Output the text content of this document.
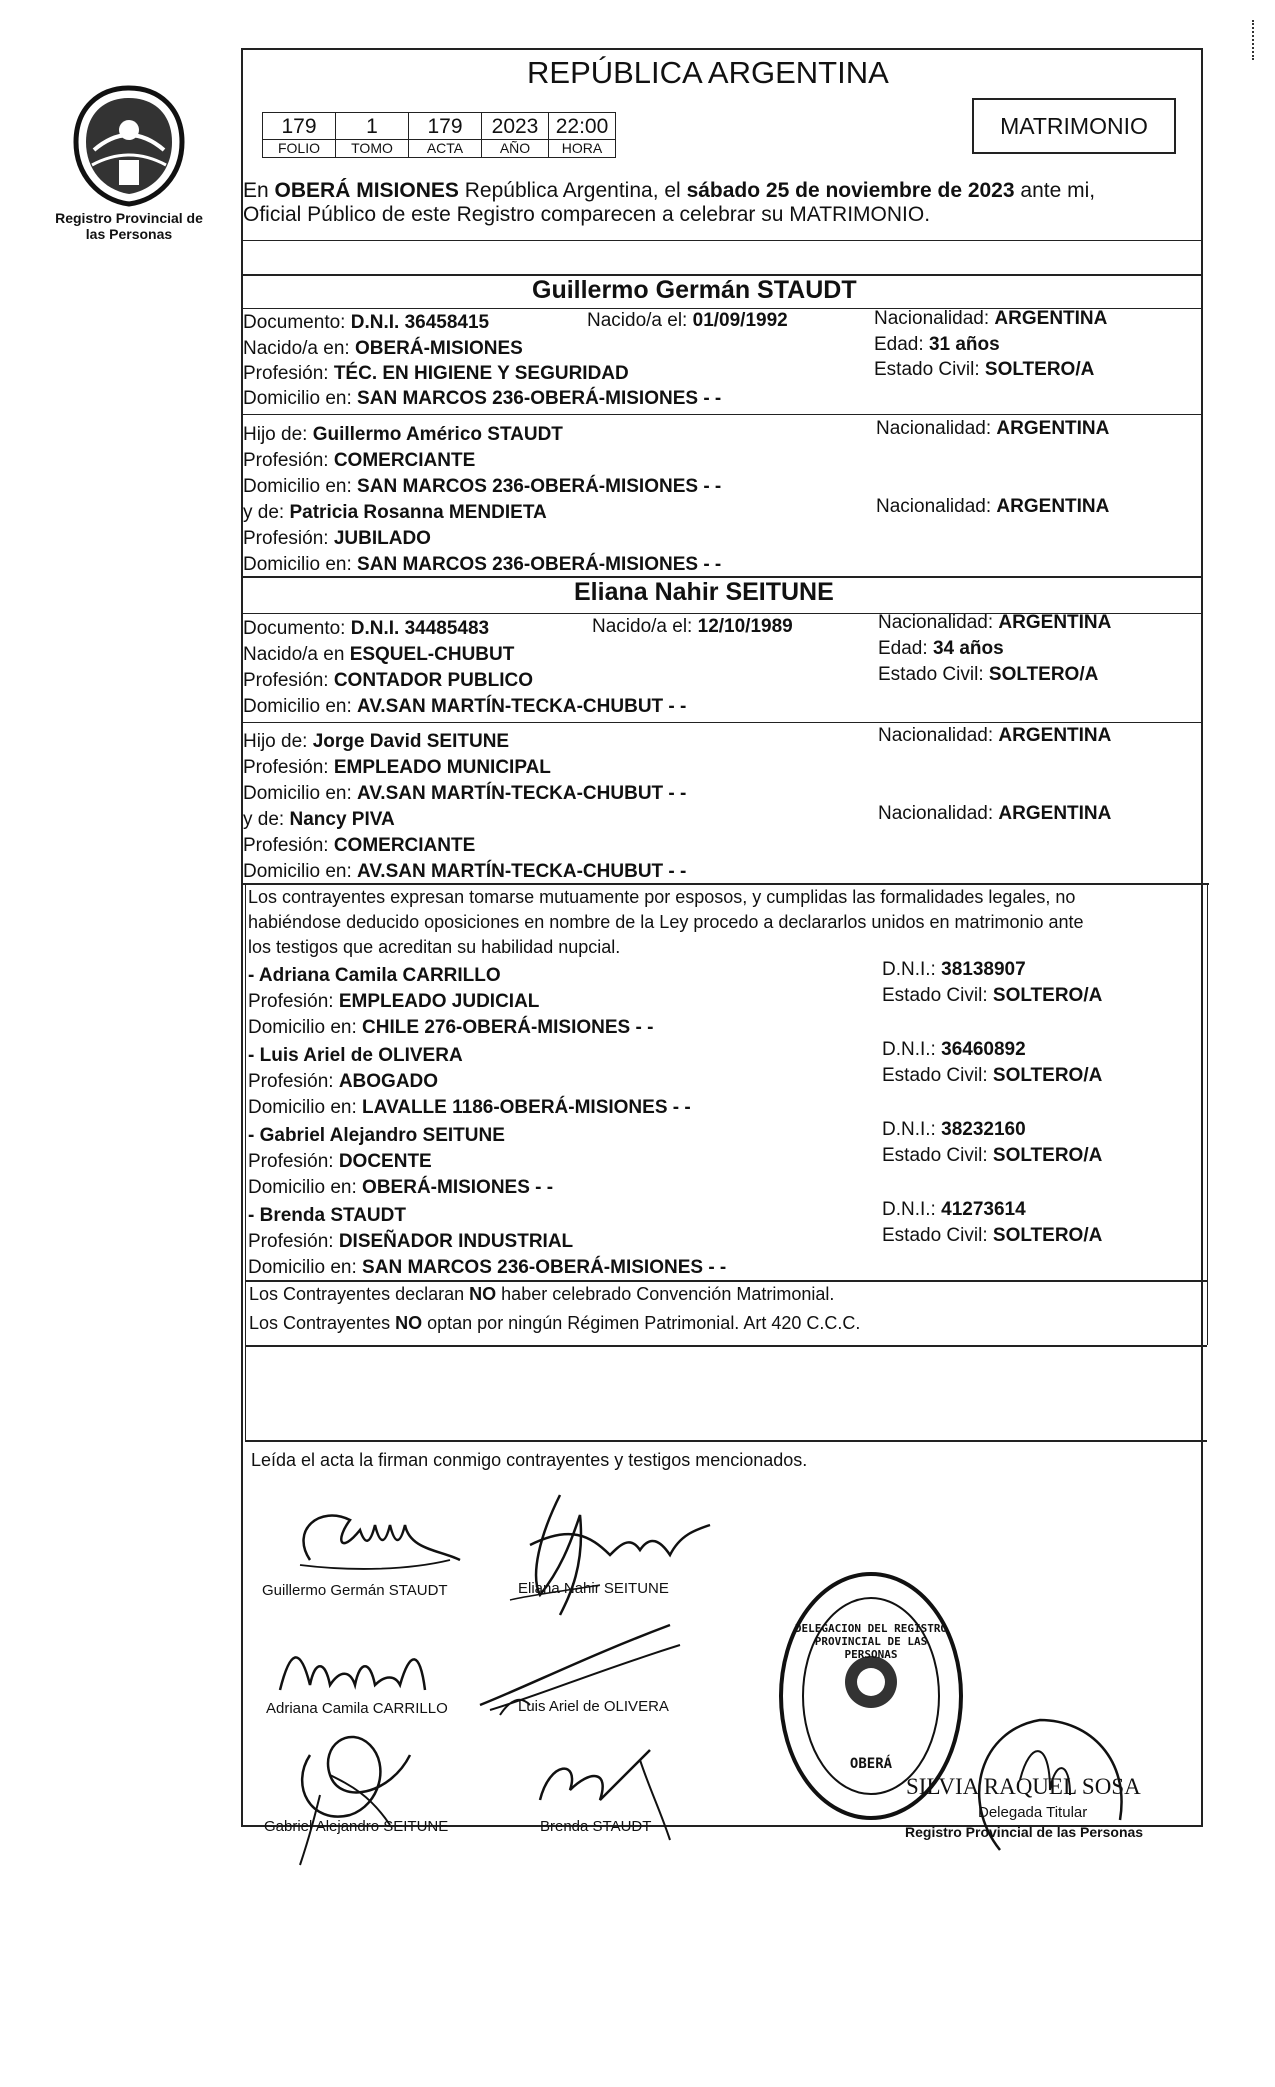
Registro Provincial de las Personas
REPÚBLICA ARGENTINA
MATRIMONIO
179	1	179	2023 22:00
FOLIO	TOMO	ACTA	AÑO	HORA
En OBERÁ MISIONES República Argentina, el sábado 25 de noviembre de 2023 ante mi,
Oficial Público de este Registro comparecen a celebrar su MATRIMONIO.
Guillermo Germán STAUDT
Documento: D.N.I. 36458415	Nacido/a el: 01/09/1992	Nacionalidad: ARGENTINA
Nacido/a en: OBERÁ-MISIONES	Edad: 31 años
Profesión: TÉC. EN HIGIENE Y SEGURIDAD	Estado Civil: SOLTERO/A
Domicilio en: SAN MARCOS 236-OBERÁ-MISIONES - -
Hijo de: Guillermo Américo STAUDT	Nacionalidad: ARGENTINA
Profesión: COMERCIANTE
Domicilio en: SAN MARCOS 236-OBERÁ-MISIONES - -
y de: Patricia Rosanna MENDIETA	Nacionalidad: ARGENTINA
Profesión: JUBILADO
Domicilio en: SAN MARCOS 236-OBERÁ-MISIONES - -
Eliana Nahir SEITUNE
Documento: D.N.I. 34485483	Nacido/a el: 12/10/1989	Nacionalidad: ARGENTINA
Nacido/a en ESQUEL-CHUBUT	Edad: 34 años
Profesión: CONTADOR PUBLICO	Estado Civil: SOLTERO/A
Domicilio en: AV.SAN MARTÍN-TECKA-CHUBUT - -
Hijo de: Jorge David SEITUNE	Nacionalidad: ARGENTINA
Profesión: EMPLEADO MUNICIPAL
Domicilio en: AV.SAN MARTÍN-TECKA-CHUBUT - -
y de: Nancy PIVA	Nacionalidad: ARGENTINA
Profesión: COMERCIANTE
Domicilio en: AV.SAN MARTÍN-TECKA-CHUBUT - -
Los contrayentes expresan tomarse mutuamente por esposos, y cumplidas las formalidades legales, no
habiéndose deducido oposiciones en nombre de la Ley procedo a declararlos unidos en matrimonio ante
los testigos que acreditan su habilidad nupcial.
- Adriana Camila CARRILLO	D.N.I.: 38138907
Profesión: EMPLEADO JUDICIAL	Estado Civil: SOLTERO/A
Domicilio en: CHILE 276-OBERÁ-MISIONES - -
- Luis Ariel de OLIVERA	D.N.I.: 36460892
Profesión: ABOGADO	Estado Civil: SOLTERO/A
Domicilio en: LAVALLE 1186-OBERÁ-MISIONES - -
- Gabriel Alejandro SEITUNE	D.N.I.: 38232160
Profesión: DOCENTE	Estado Civil: SOLTERO/A
Domicilio en: OBERÁ-MISIONES - -
- Brenda STAUDT	D.N.I.: 41273614
Profesión: DISEÑADOR INDUSTRIAL	Estado Civil: SOLTERO/A
Domicilio en: SAN MARCOS 236-OBERÁ-MISIONES - -
Los Contrayentes declaran NO haber celebrado Convención Matrimonial.
Los Contrayentes NO optan por ningún Régimen Patrimonial. Art 420 C.C.C.
Leída el acta la firman conmigo contrayentes y testigos mencionados.
Guillermo Germán STAUDT	Eliana Nahir SEITUNE
Adriana Camila CARRILLO	Luis Ariel de OLIVERA
Gabriel Alejandro SEITUNE	Brenda STAUDT
DELEGACION DEL REGISTRO PROVINCIAL DE LAS PERSONAS
OBERÁ
SILVIA RAQUEL SOSA
Delegada Titular
Registro Provincial de las Personas
